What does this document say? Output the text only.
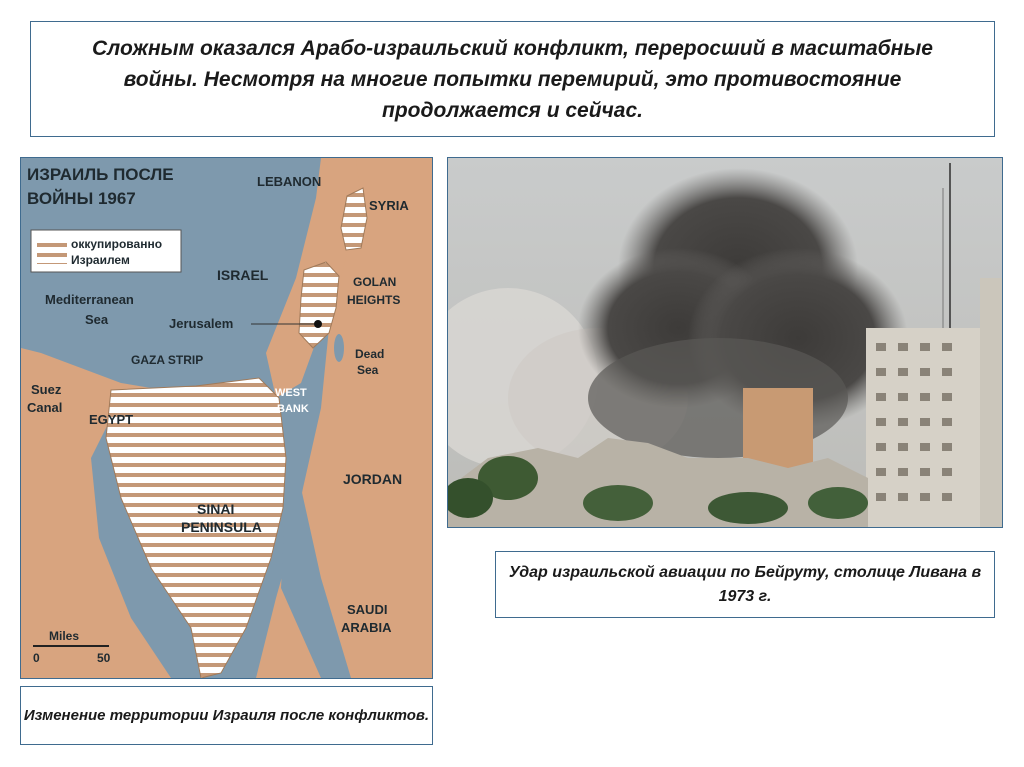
Сложным оказался Арабо-израильский конфликт, переросший в масштабные войны. Несмотря на многие попытки перемирий, это противостояние продолжается и сейчас.
ИЗРАИЛЬ ПОСЛЕ
ВОЙНЫ 1967
оккупированно
Израилем
LEBANON
SYRIA
ISRAEL	GOLAN
HEIGHTS
Mediterranean
Sea	Jerusalem
GAZA STRIP	Dead
Sea
Suez
Canal
EGYPT
WEST
BANK
JORDAN
SINAI
PENINSULA
SAUDI
ARABIA
Miles
0	50
Удар израильской авиации по Бейруту, столице Ливана в 1973 г.
Изменение территории Израиля после конфликтов.
